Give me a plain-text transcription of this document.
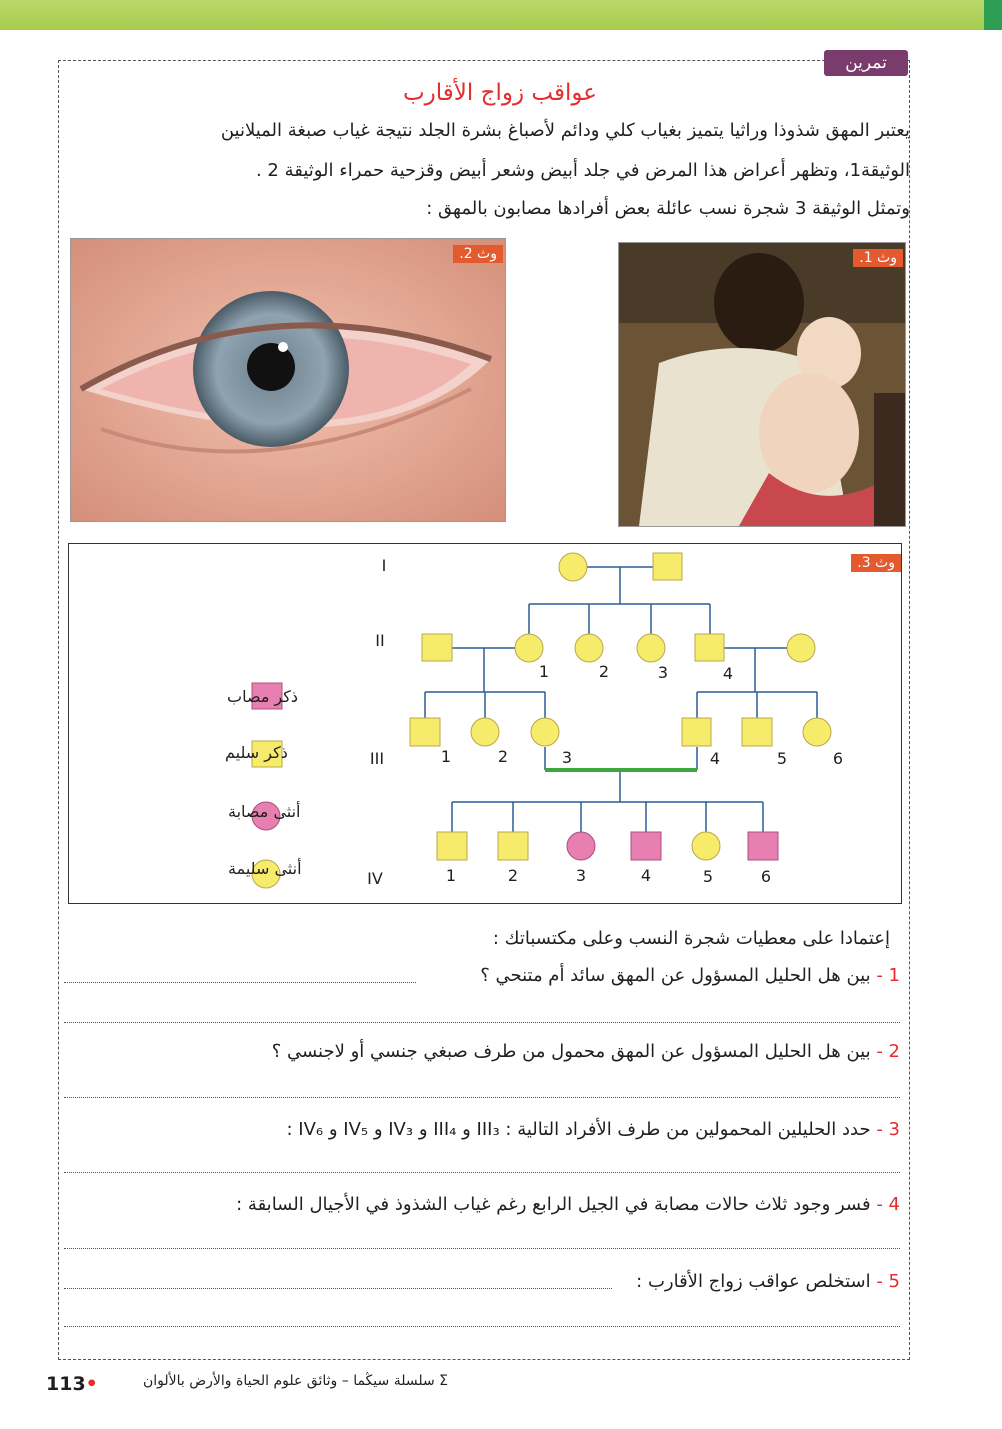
تمرين
عواقب زواج الأقارب
يعتبر المهق شذوذا وراثيا يتميز بغياب كلي ودائم لأصباغ بشرة الجلد نتيجة غياب صبغة الميلانين
الوثيقة1، وتظهر أعراض هذا المرض في جلد أبيض وشعر أبيض وقزحية حمراء الوثيقة 2 .
وتمثل الوثيقة 3 شجرة نسب عائلة بعض أفرادها مصابون بالمهق :
وث 2.	وث 1.
وث 3.
I
II
III
IV
1	2	3	4
1	2	3	4	5	6
1	2	3	4	5	6
ذكر مصاب
ذكر سليم
أنثى مصابة
أنثى سليمة
إعتمادا على معطيات شجرة النسب وعلى مكتسباتك :
1 - بين هل الحليل المسؤول عن المهق سائد أم متنحي ؟
2 - بين هل الحليل المسؤول عن المهق محمول من طرف صبغي جنسي أو لاجنسي ؟
3 - حدد الحليلين المحمولين من طرف الأفراد التالية : III₃ و III₄ و IV₃ و IV₅ و IV₆ :
4 - فسر وجود ثلاث حالات مصابة في الجيل الرابع رغم غياب الشذوذ في الأجيال السابقة :
5 - استخلص عواقب زواج الأقارب :
113•	Σ سلسلة سيڭما – وثائق علوم الحياة والأرض بالألوان
